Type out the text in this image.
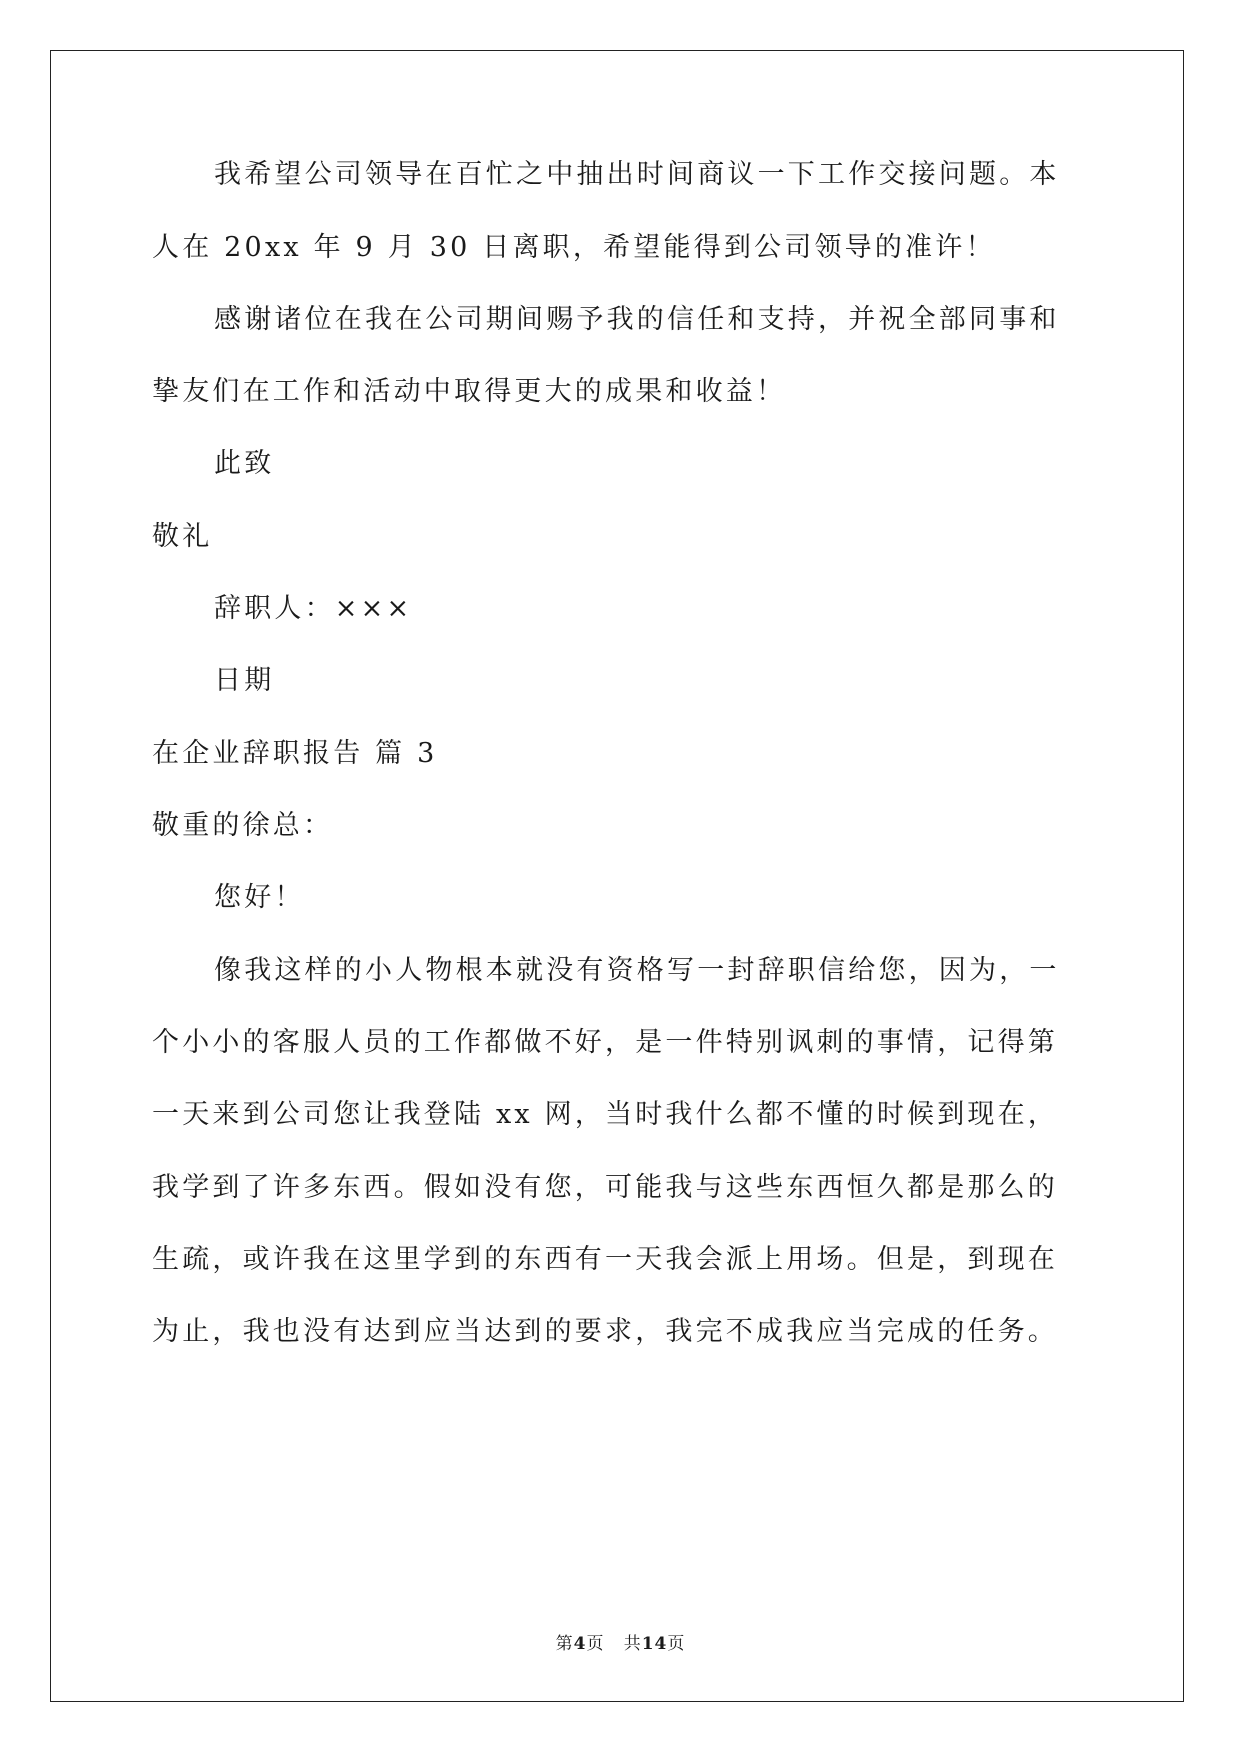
我希望公司领导在百忙之中抽出时间商议一下工作交接问题。本
人在 20xx 年 9 月 30 日离职，希望能得到公司领导的准许！
感谢诸位在我在公司期间赐予我的信任和支持，并祝全部同事和
挚友们在工作和活动中取得更大的成果和收益！
此致
敬礼
辞职人：×××
日期
在企业辞职报告 篇 3
敬重的徐总：
您好！
像我这样的小人物根本就没有资格写一封辞职信给您，因为，一
个小小的客服人员的工作都做不好，是一件特别讽刺的事情，记得第
一天来到公司您让我登陆 xx 网，当时我什么都不懂的时候到现在，
我学到了许多东西。假如没有您，可能我与这些东西恒久都是那么的
生疏，或许我在这里学到的东西有一天我会派上用场。但是，到现在
为止，我也没有达到应当达到的要求，我完不成我应当完成的任务。
第4页 共14页
